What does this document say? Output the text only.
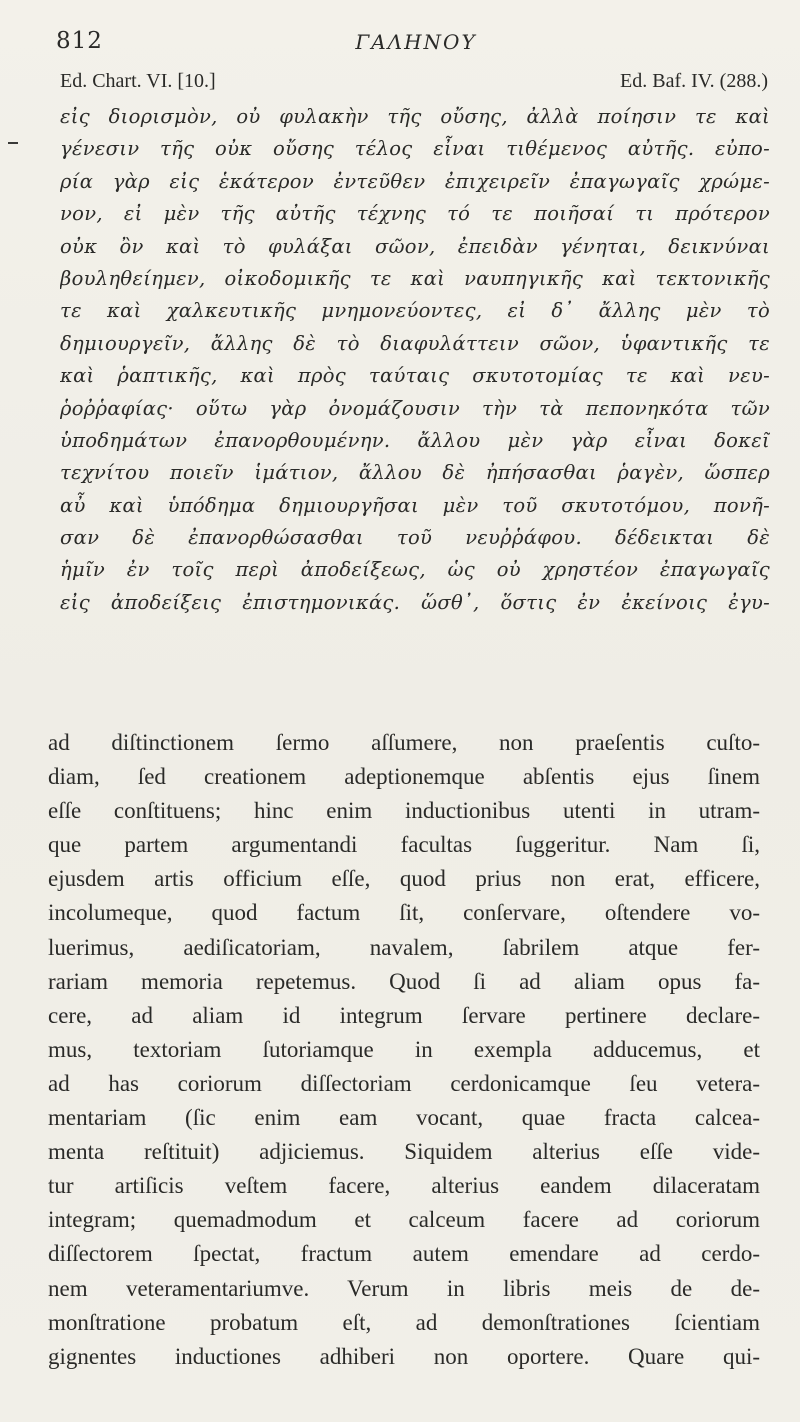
812	ΓΑΛΗΝΟΥ
Ed. Chart. VI. [10.]	Ed. Baf. IV. (288.)
εἰς διορισμὸν, οὐ φυλακὴν τῆς οὔσης, ἀλλὰ ποίησιν τε καὶ
γένεσιν τῆς οὐκ οὔσης τέλος εἶναι τιθέμενος αὐτῆς. εὐπο-
ρία γὰρ εἰς ἑκάτερον ἐντεῦθεν ἐπιχειρεῖν ἐπαγωγαῖς χρώμε-
νον, εἰ μὲν τῆς αὐτῆς τέχνης τό τε ποιῆσαί τι πρότερον
οὐκ ὂν καὶ τὸ φυλάξαι σῶον, ἐπειδὰν γένηται, δεικνύναι
βουληθείημεν, οἰκοδομικῆς τε καὶ ναυπηγικῆς καὶ τεκτονικῆς
τε καὶ χαλκευτικῆς μνημονεύοντες, εἰ δ᾽ ἄλλης μὲν τὸ
δημιουργεῖν, ἄλλης δὲ τὸ διαφυλάττειν σῶον, ὑφαντικῆς τε
καὶ ῥαπτικῆς, καὶ πρὸς ταύταις σκυτοτομίας τε καὶ νευ-
ῥοῤῥαφίας· οὕτω γὰρ ὀνομάζουσιν τὴν τὰ πεπονηκότα τῶν
ὑποδημάτων ἐπανορθουμένην. ἄλλου μὲν γὰρ εἶναι δοκεῖ
τεχνίτου ποιεῖν ἱμάτιον, ἄλλου δὲ ἠπήσασθαι ῥαγὲν, ὥσπερ
αὖ καὶ ὑπόδημα δημιουργῆσαι μὲν τοῦ σκυτοτόμου, πονῆ-
σαν δὲ ἐπανορθώσασθαι τοῦ νευῤῥάφου. δέδεικται δὲ
ἡμῖν ἐν τοῖς περὶ ἀποδείξεως, ὡς οὐ χρηστέον ἐπαγωγαῖς
εἰς ἀποδείξεις ἐπιστημονικάς. ὥσθ᾽, ὅστις ἐν ἐκείνοις ἐγυ-
ad diſtinctionem ſermo aſſumere, non praeſentis cuſto-
diam, ſed creationem adeptionemque abſentis ejus ſinem
eſſe conſtituens; hinc enim inductionibus utenti in utram-
que partem argumentandi facultas ſuggeritur. Nam ſi,
ejusdem artis officium eſſe, quod prius non erat, efficere,
incolumeque, quod factum ſit, conſervare, oſtendere vo-
luerimus, aediſicatoriam, navalem, ſabrilem atque fer-
rariam memoria repetemus. Quod ſi ad aliam opus fa-
cere, ad aliam id integrum ſervare pertinere declare-
mus, textoriam ſutoriamque in exempla adducemus, et
ad has coriorum diſſectoriam cerdonicamque ſeu vetera-
mentariam (ſic enim eam vocant, quae fracta calcea-
menta reſtituit) adjiciemus. Siquidem alterius eſſe vide-
tur artiſicis veſtem facere, alterius eandem dilaceratam
integram; quemadmodum et calceum facere ad coriorum
diſſectorem ſpectat, fractum autem emendare ad cerdo-
nem veteramentariumve. Verum in libris meis de de-
monſtratione probatum eſt, ad demonſtrationes ſcientiam
gignentes inductiones adhiberi non oportere. Quare qui-
